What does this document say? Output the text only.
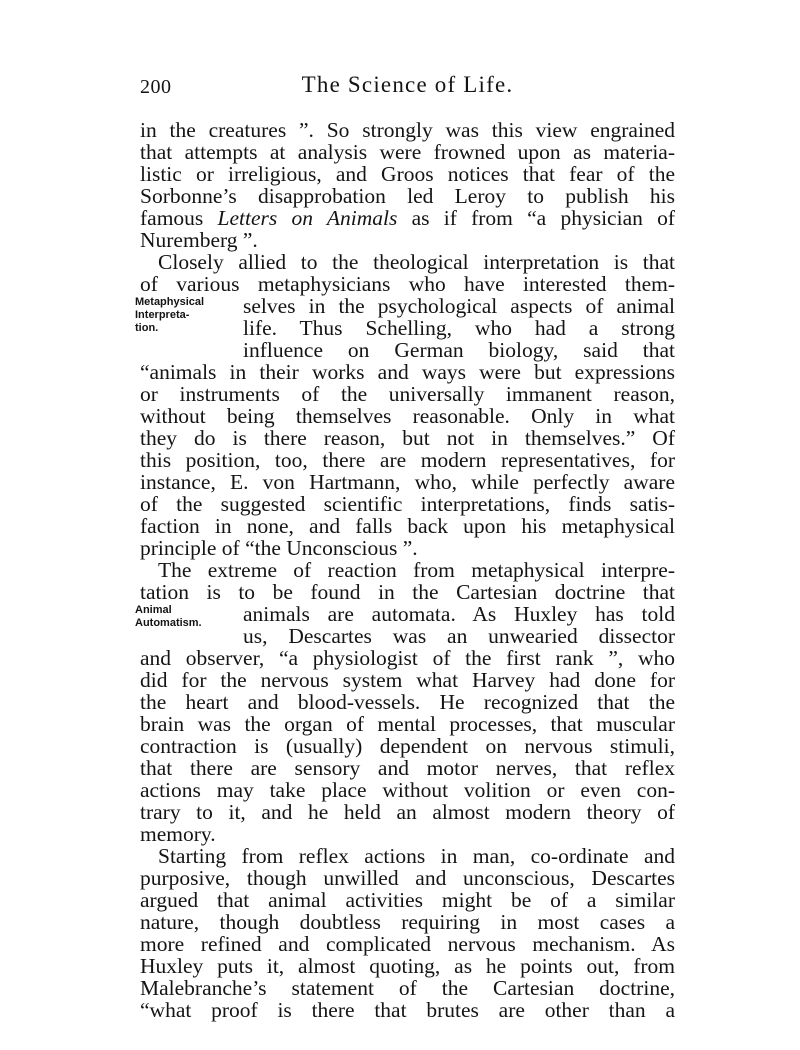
200	The Science of Life.
in the creatures ”. So strongly was this view engrained
that attempts at analysis were frowned upon as materia-
listic or irreligious, and Groos notices that fear of the
Sorbonne’s disapprobation led Leroy to publish his
famous Letters on Animals as if from “a physician of
Nuremberg ”.
Closely allied to the theological interpretation is that
of various metaphysicians who have interested them-
selves in the psychological aspects of animal
life. Thus Schelling, who had a strong
influence on German biology, said that
“animals in their works and ways were but expressions
or instruments of the universally immanent reason,
without being themselves reasonable. Only in what
they do is there reason, but not in themselves.” Of
this position, too, there are modern representatives, for
instance, E. von Hartmann, who, while perfectly aware
of the suggested scientific interpretations, finds satis-
faction in none, and falls back upon his metaphysical
principle of “the Unconscious ”.
The extreme of reaction from metaphysical interpre-
tation is to be found in the Cartesian doctrine that
animals are automata. As Huxley has told
us, Descartes was an unwearied dissector
and observer, “a physiologist of the first rank ”, who
did for the nervous system what Harvey had done for
the heart and blood-vessels. He recognized that the
brain was the organ of mental processes, that muscular
contraction is (usually) dependent on nervous stimuli,
that there are sensory and motor nerves, that reflex
actions may take place without volition or even con-
trary to it, and he held an almost modern theory of
memory.
Starting from reflex actions in man, co-ordinate and
purposive, though unwilled and unconscious, Descartes
argued that animal activities might be of a similar
nature, though doubtless requiring in most cases a
more refined and complicated nervous mechanism. As
Huxley puts it, almost quoting, as he points out, from
Malebranche’s statement of the Cartesian doctrine,
“what proof is there that brutes are other than a
Metaphysical
Interpreta-
tion.
Animal
Automatism.
